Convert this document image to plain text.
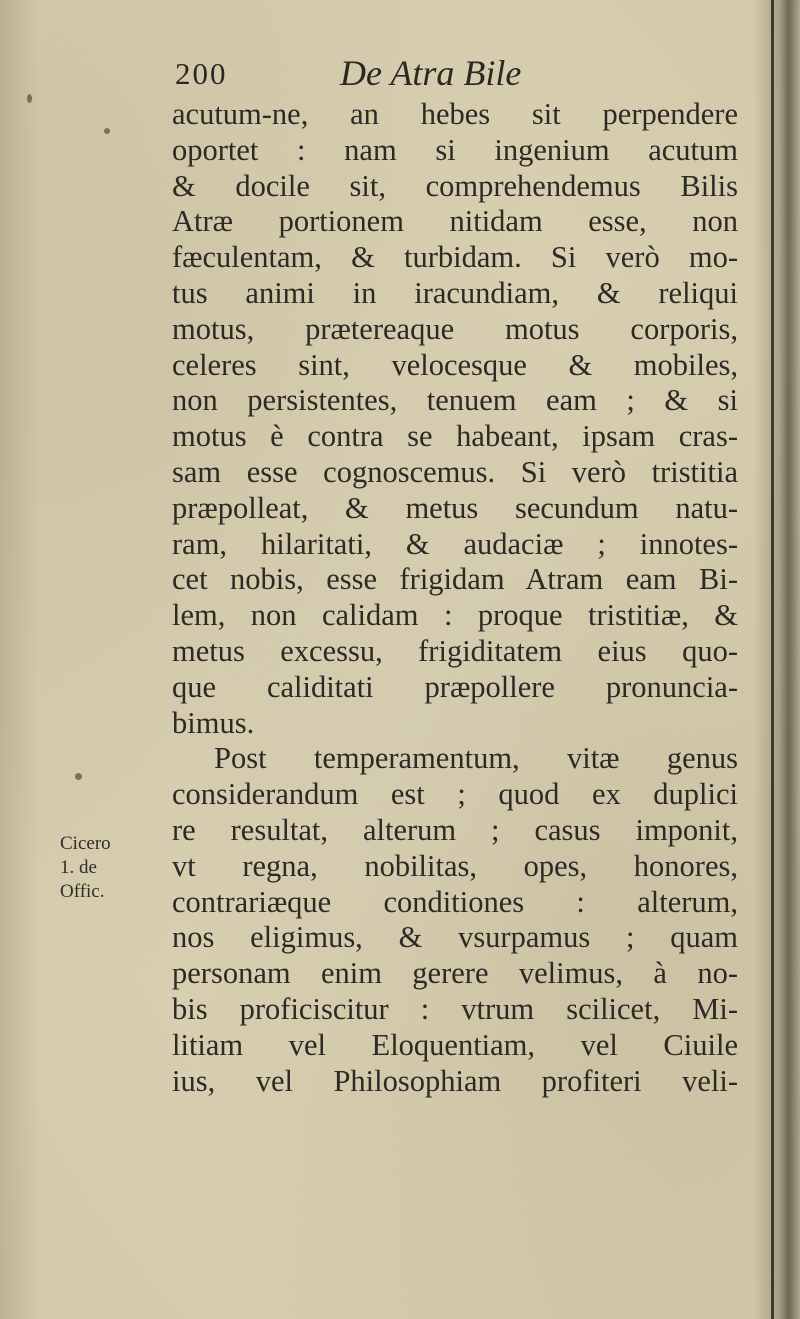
200	De Atra Bile
acutum-ne, an hebes sit perpendere
oportet : nam si ingenium acutum
& docile sit, comprehendemus Bilis
Atræ portionem nitidam esse, non
fæculentam, & turbidam. Si verò mo-
tus animi in iracundiam, & reliqui
motus, prætereaque motus corporis,
celeres sint, velocesque & mobiles,
non persistentes, tenuem eam ; & si
motus è contra se habeant, ipsam cras-
sam esse cognoscemus. Si verò tristitia
præpolleat, & metus secundum natu-
ram, hilaritati, & audaciæ ; innotes-
cet nobis, esse frigidam Atram eam Bi-
lem, non calidam : proque tristitiæ, &
metus excessu, frigiditatem eius quo-
que caliditati præpollere pronuncia-
bimus.
Post temperamentum, vitæ genus
considerandum est ; quod ex duplici
re resultat, alterum ; casus imponit,
vt regna, nobilitas, opes, honores,
contrariæque conditiones : alterum,
nos eligimus, & vsurpamus ; quam
personam enim gerere velimus, à no-
bis proficiscitur : vtrum scilicet, Mi-
litiam vel Eloquentiam, vel Ciuile
ius, vel Philosophiam profiteri veli-
Cicero
1. de
Offic.
